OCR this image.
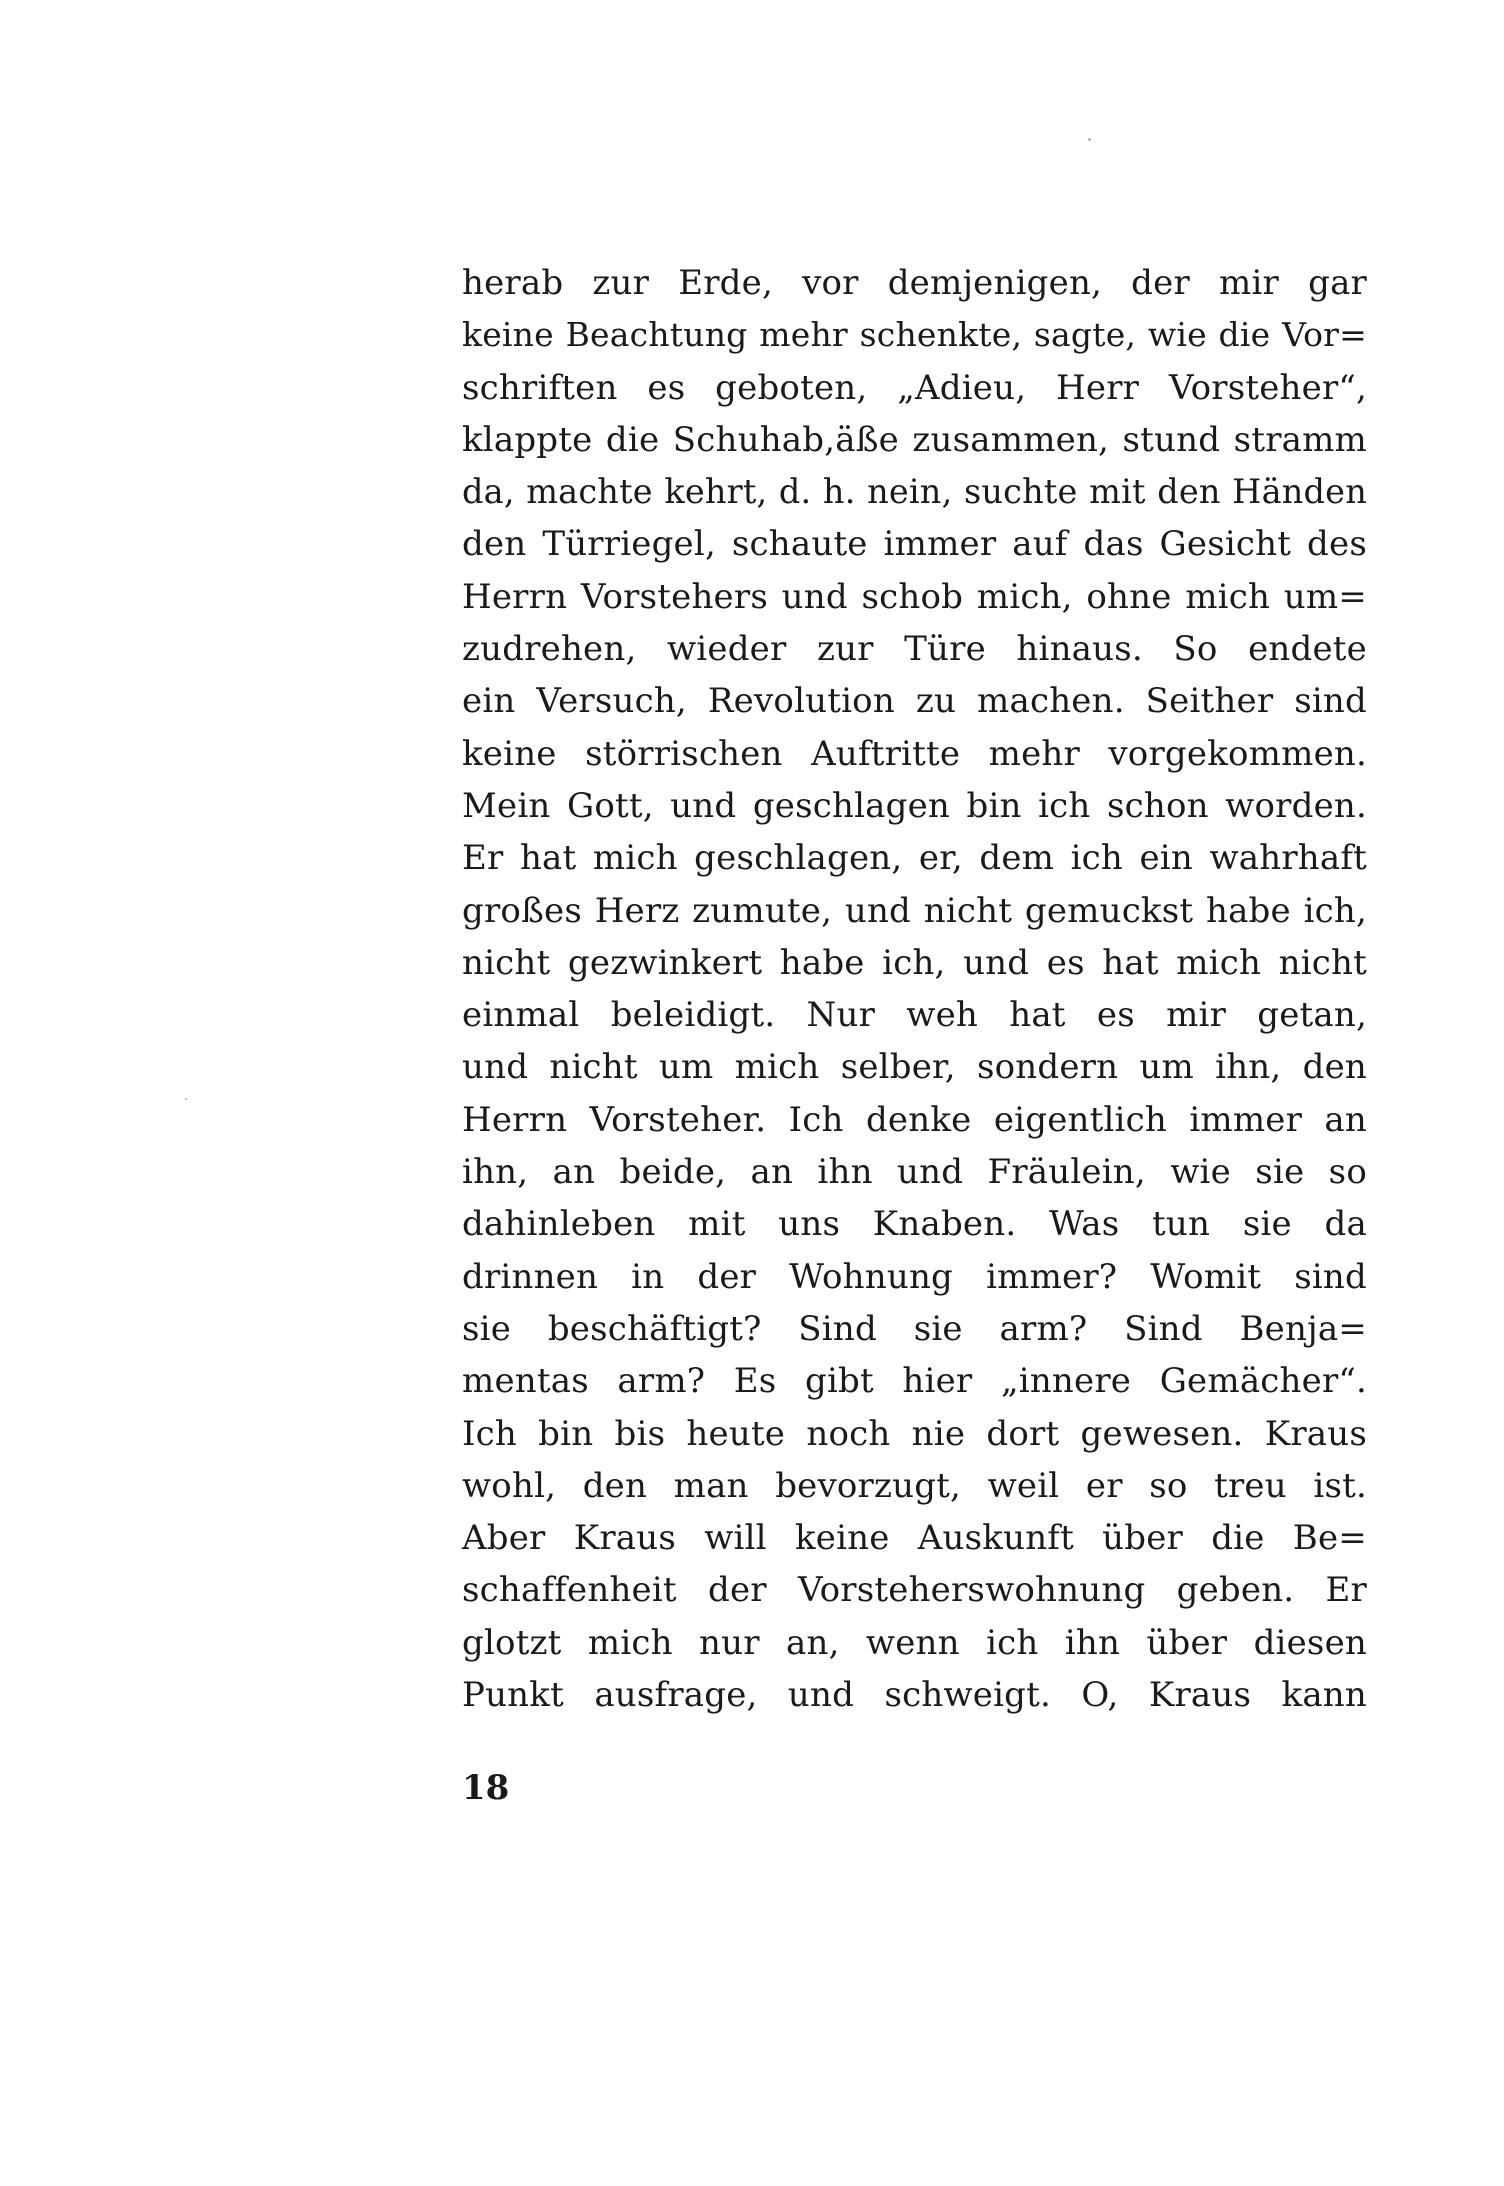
herab zur Erde, vor demjenigen, der mir gar
keine Beachtung mehr schenkte, sagte, wie die Vor=
schriften es geboten, „Adieu, Herr Vorsteher“,
klappte die Schuhab,äße zusammen, stund stramm
da, machte kehrt, d. h. nein, suchte mit den Händen
den Türriegel, schaute immer auf das Gesicht des
Herrn Vorstehers und schob mich, ohne mich um=
zudrehen, wieder zur Türe hinaus. So endete
ein Versuch, Revolution zu machen. Seither sind
keine störrischen Auftritte mehr vorgekommen.
Mein Gott, und geschlagen bin ich schon worden.
Er hat mich geschlagen, er, dem ich ein wahrhaft
großes Herz zumute, und nicht gemuckst habe ich,
nicht gezwinkert habe ich, und es hat mich nicht
einmal beleidigt. Nur weh hat es mir getan,
und nicht um mich selber, sondern um ihn, den
Herrn Vorsteher. Ich denke eigentlich immer an
ihn, an beide, an ihn und Fräulein, wie sie so
dahinleben mit uns Knaben. Was tun sie da
drinnen in der Wohnung immer? Womit sind
sie beschäftigt? Sind sie arm? Sind Benja=
mentas arm? Es gibt hier „innere Gemächer“.
Ich bin bis heute noch nie dort gewesen. Kraus
wohl, den man bevorzugt, weil er so treu ist.
Aber Kraus will keine Auskunft über die Be=
schaffenheit der Vorsteherswohnung geben. Er
glotzt mich nur an, wenn ich ihn über diesen
Punkt ausfrage, und schweigt. O, Kraus kann
18
